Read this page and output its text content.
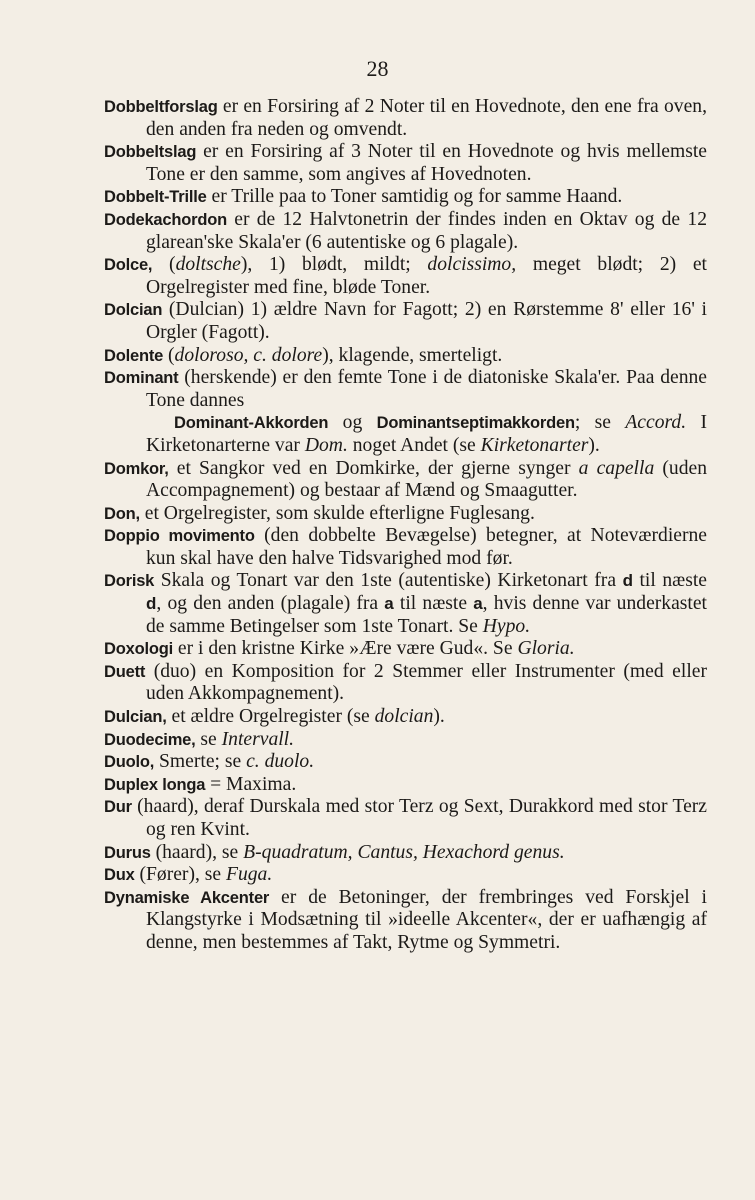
28

Dobbeltforslag er en Forsiring af 2 Noter til en Hovednote, den ene fra oven, den anden fra neden og omvendt.

Dobbeltslag er en Forsiring af 3 Noter til en Hovednote og hvis mellemste Tone er den samme, som angives af Hovednoten.

Dobbelt-Trille er Trille paa to Toner samtidig og for samme Haand.

Dodekachordon er de 12 Halvtonetrin der findes inden en Oktav og de 12 glarean'ske Skala'er (6 autentiske og 6 plagale).

Dolce, (doltsche), 1) blødt, mildt; dolcissimo, meget blødt; 2) et Orgelregister med fine, bløde Toner.

Dolcian (Dulcian) 1) ældre Navn for Fagott; 2) en Rørstemme 8' eller 16' i Orgler (Fagott).

Dolente (doloroso, c. dolore), klagende, smerteligt.

Dominant (herskende) er den femte Tone i de diatoniske Skala'er. Paa denne Tone dannes

Dominant-Akkorden og Dominantseptimakkorden; se Accord. I Kirketonarterne var Dom. noget Andet (se Kirketonarter).

Domkor, et Sangkor ved en Domkirke, der gjerne synger a capella (uden Accompagnement) og bestaar af Mænd og Smaagutter.

Don, et Orgelregister, som skulde efterligne Fuglesang.

Doppio movimento (den dobbelte Bevægelse) betegner, at Noteværdierne kun skal have den halve Tidsvarighed mod før.

Dorisk Skala og Tonart var den 1ste (autentiske) Kirketonart fra d til næste d, og den anden (plagale) fra a til næste a, hvis denne var underkastet de samme Betingelser som 1ste Tonart. Se Hypo.

Doxologi er i den kristne Kirke »Ære være Gud«. Se Gloria.

Duett (duo) en Komposition for 2 Stemmer eller Instrumenter (med eller uden Akkompagnement).

Dulcian, et ældre Orgelregister (se dolcian).

Duodecime, se Intervall.

Duolo, Smerte; se c. duolo.

Duplex longa = Maxima.

Dur (haard), deraf Durskala med stor Terz og Sext, Durakkord med stor Terz og ren Kvint.

Durus (haard), se B-quadratum, Cantus, Hexachord genus.

Dux (Fører), se Fuga.

Dynamiske Akcenter er de Betoninger, der frembringes ved Forskjel i Klangstyrke i Modsætning til »ideelle Akcenter«, der er uafhængig af denne, men bestemmes af Takt, Rytme og Symmetri.
